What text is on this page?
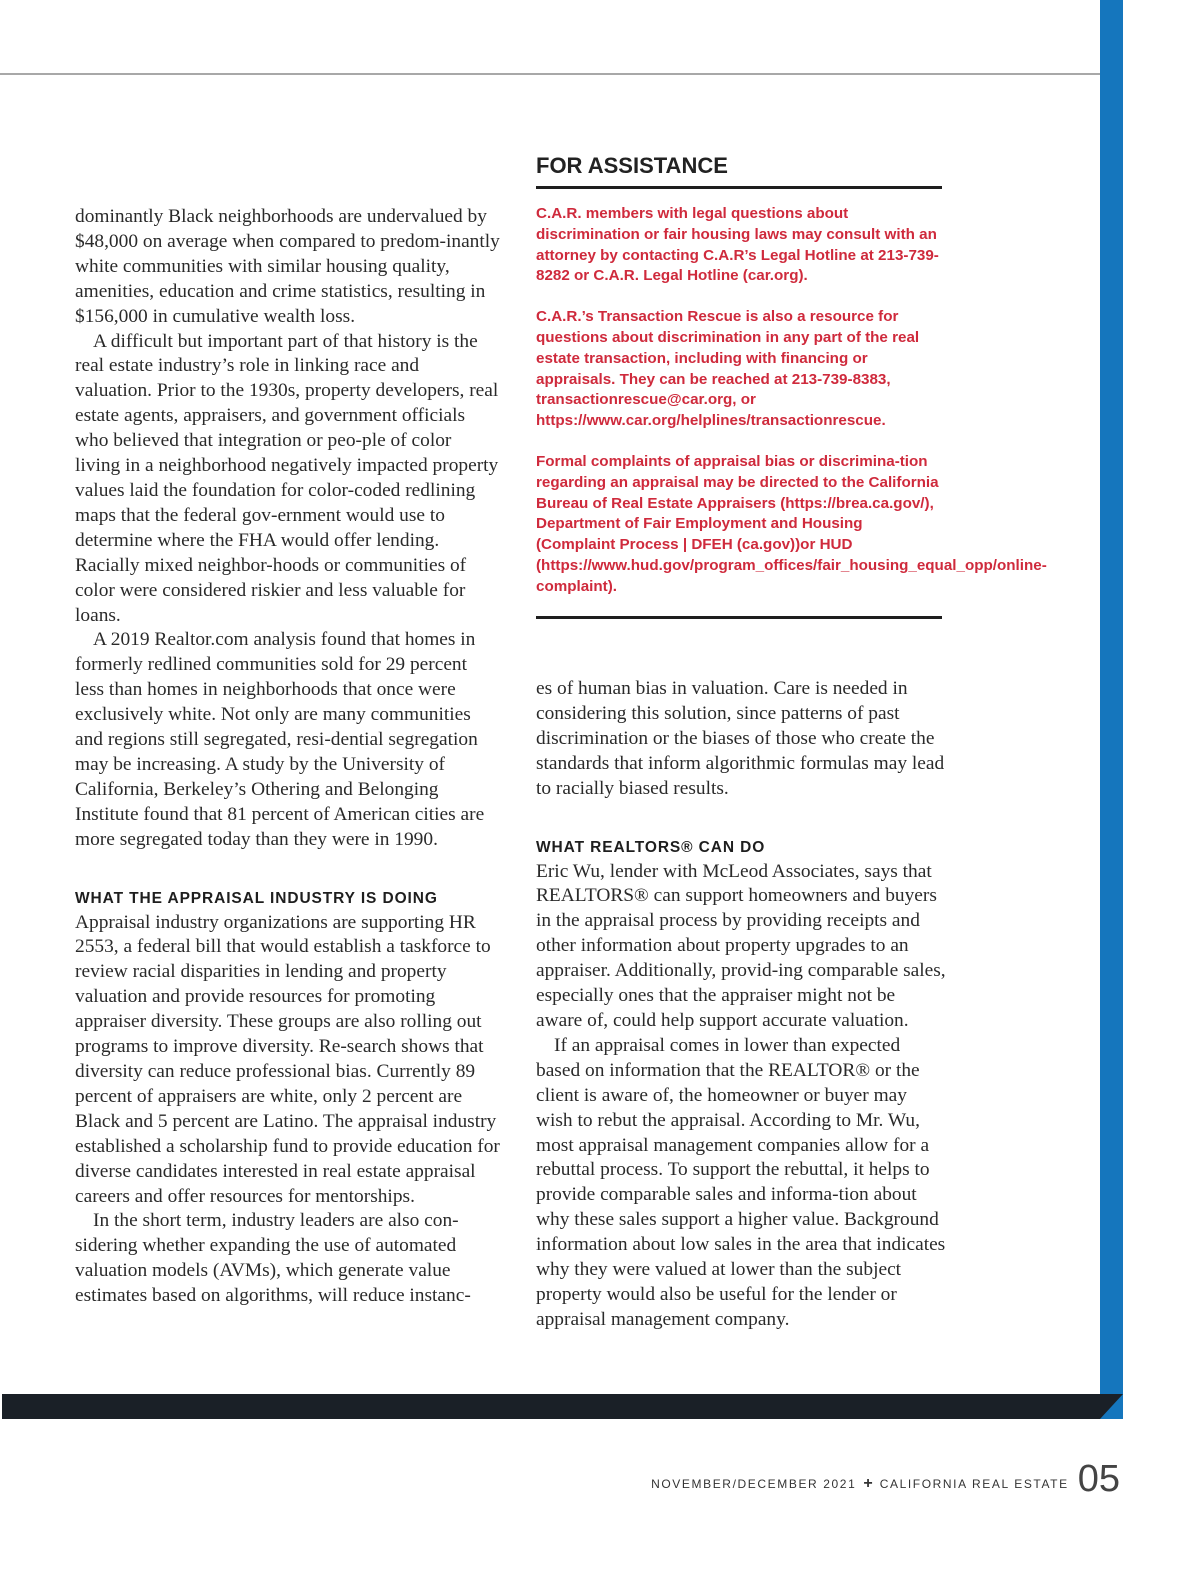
dominantly Black neighborhoods are undervalued by $48,000 on average when compared to predom-inantly white communities with similar housing quality, amenities, education and crime statistics, resulting in $156,000 in cumulative wealth loss.

A difficult but important part of that history is the real estate industry’s role in linking race and valuation. Prior to the 1930s, property developers, real estate agents, appraisers, and government officials who believed that integration or peo-ple of color living in a neighborhood negatively impacted property values laid the foundation for color-coded redlining maps that the federal gov-ernment would use to determine where the FHA would offer lending. Racially mixed neighbor-hoods or communities of color were considered riskier and less valuable for loans.

A 2019 Realtor.com analysis found that homes in formerly redlined communities sold for 29 percent less than homes in neighborhoods that once were exclusively white. Not only are many communities and regions still segregated, resi-dential segregation may be increasing. A study by the University of California, Berkeley’s Othering and Belonging Institute found that 81 percent of American cities are more segregated today than they were in 1990.

WHAT THE APPRAISAL INDUSTRY IS DOING

Appraisal industry organizations are supporting HR 2553, a federal bill that would establish a taskforce to review racial disparities in lending and property valuation and provide resources for promoting appraiser diversity. These groups are also rolling out programs to improve diversity. Re-search shows that diversity can reduce professional bias. Currently 89 percent of appraisers are white, only 2 percent are Black and 5 percent are Latino. The appraisal industry established a scholarship fund to provide education for diverse candidates interested in real estate appraisal careers and offer resources for mentorships.

In the short term, industry leaders are also con-sidering whether expanding the use of automated valuation models (AVMs), which generate value estimates based on algorithms, will reduce instanc-

FOR ASSISTANCE

C.A.R. members with legal questions about discrimination or fair housing laws may consult with an attorney by contacting C.A.R’s Legal Hotline at 213-739-8282 or C.A.R. Legal Hotline (car.org).

C.A.R.’s Transaction Rescue is also a resource for questions about discrimination in any part of the real estate transaction, including with financing or appraisals. They can be reached at 213-739-8383, transactionrescue@car.org, or https://www.car.org/helplines/transactionrescue.

Formal complaints of appraisal bias or discrimina-tion regarding an appraisal may be directed to the California Bureau of Real Estate Appraisers (https://brea.ca.gov/), Department of Fair Employment and Housing (Complaint Process | DFEH (ca.gov))or HUD (https://www.hud.gov/program_offices/fair_housing_equal_opp/online-complaint).

es of human bias in valuation. Care is needed in considering this solution, since patterns of past discrimination or the biases of those who create the standards that inform algorithmic formulas may lead to racially biased results.

WHAT REALTORS® CAN DO

Eric Wu, lender with McLeod Associates, says that REALTORS® can support homeowners and buyers in the appraisal process by providing receipts and other information about property upgrades to an appraiser. Additionally, provid-ing comparable sales, especially ones that the appraiser might not be aware of, could help support accurate valuation.

If an appraisal comes in lower than expected based on information that the REALTOR® or the client is aware of, the homeowner or buyer may wish to rebut the appraisal. According to Mr. Wu, most appraisal management companies allow for a rebuttal process. To support the rebuttal, it helps to provide comparable sales and informa-tion about why these sales support a higher value. Background information about low sales in the area that indicates why they were valued at lower than the subject property would also be useful for the lender or appraisal management company.

NOVEMBER/DECEMBER 2021 + CALIFORNIA REAL ESTATE 05
